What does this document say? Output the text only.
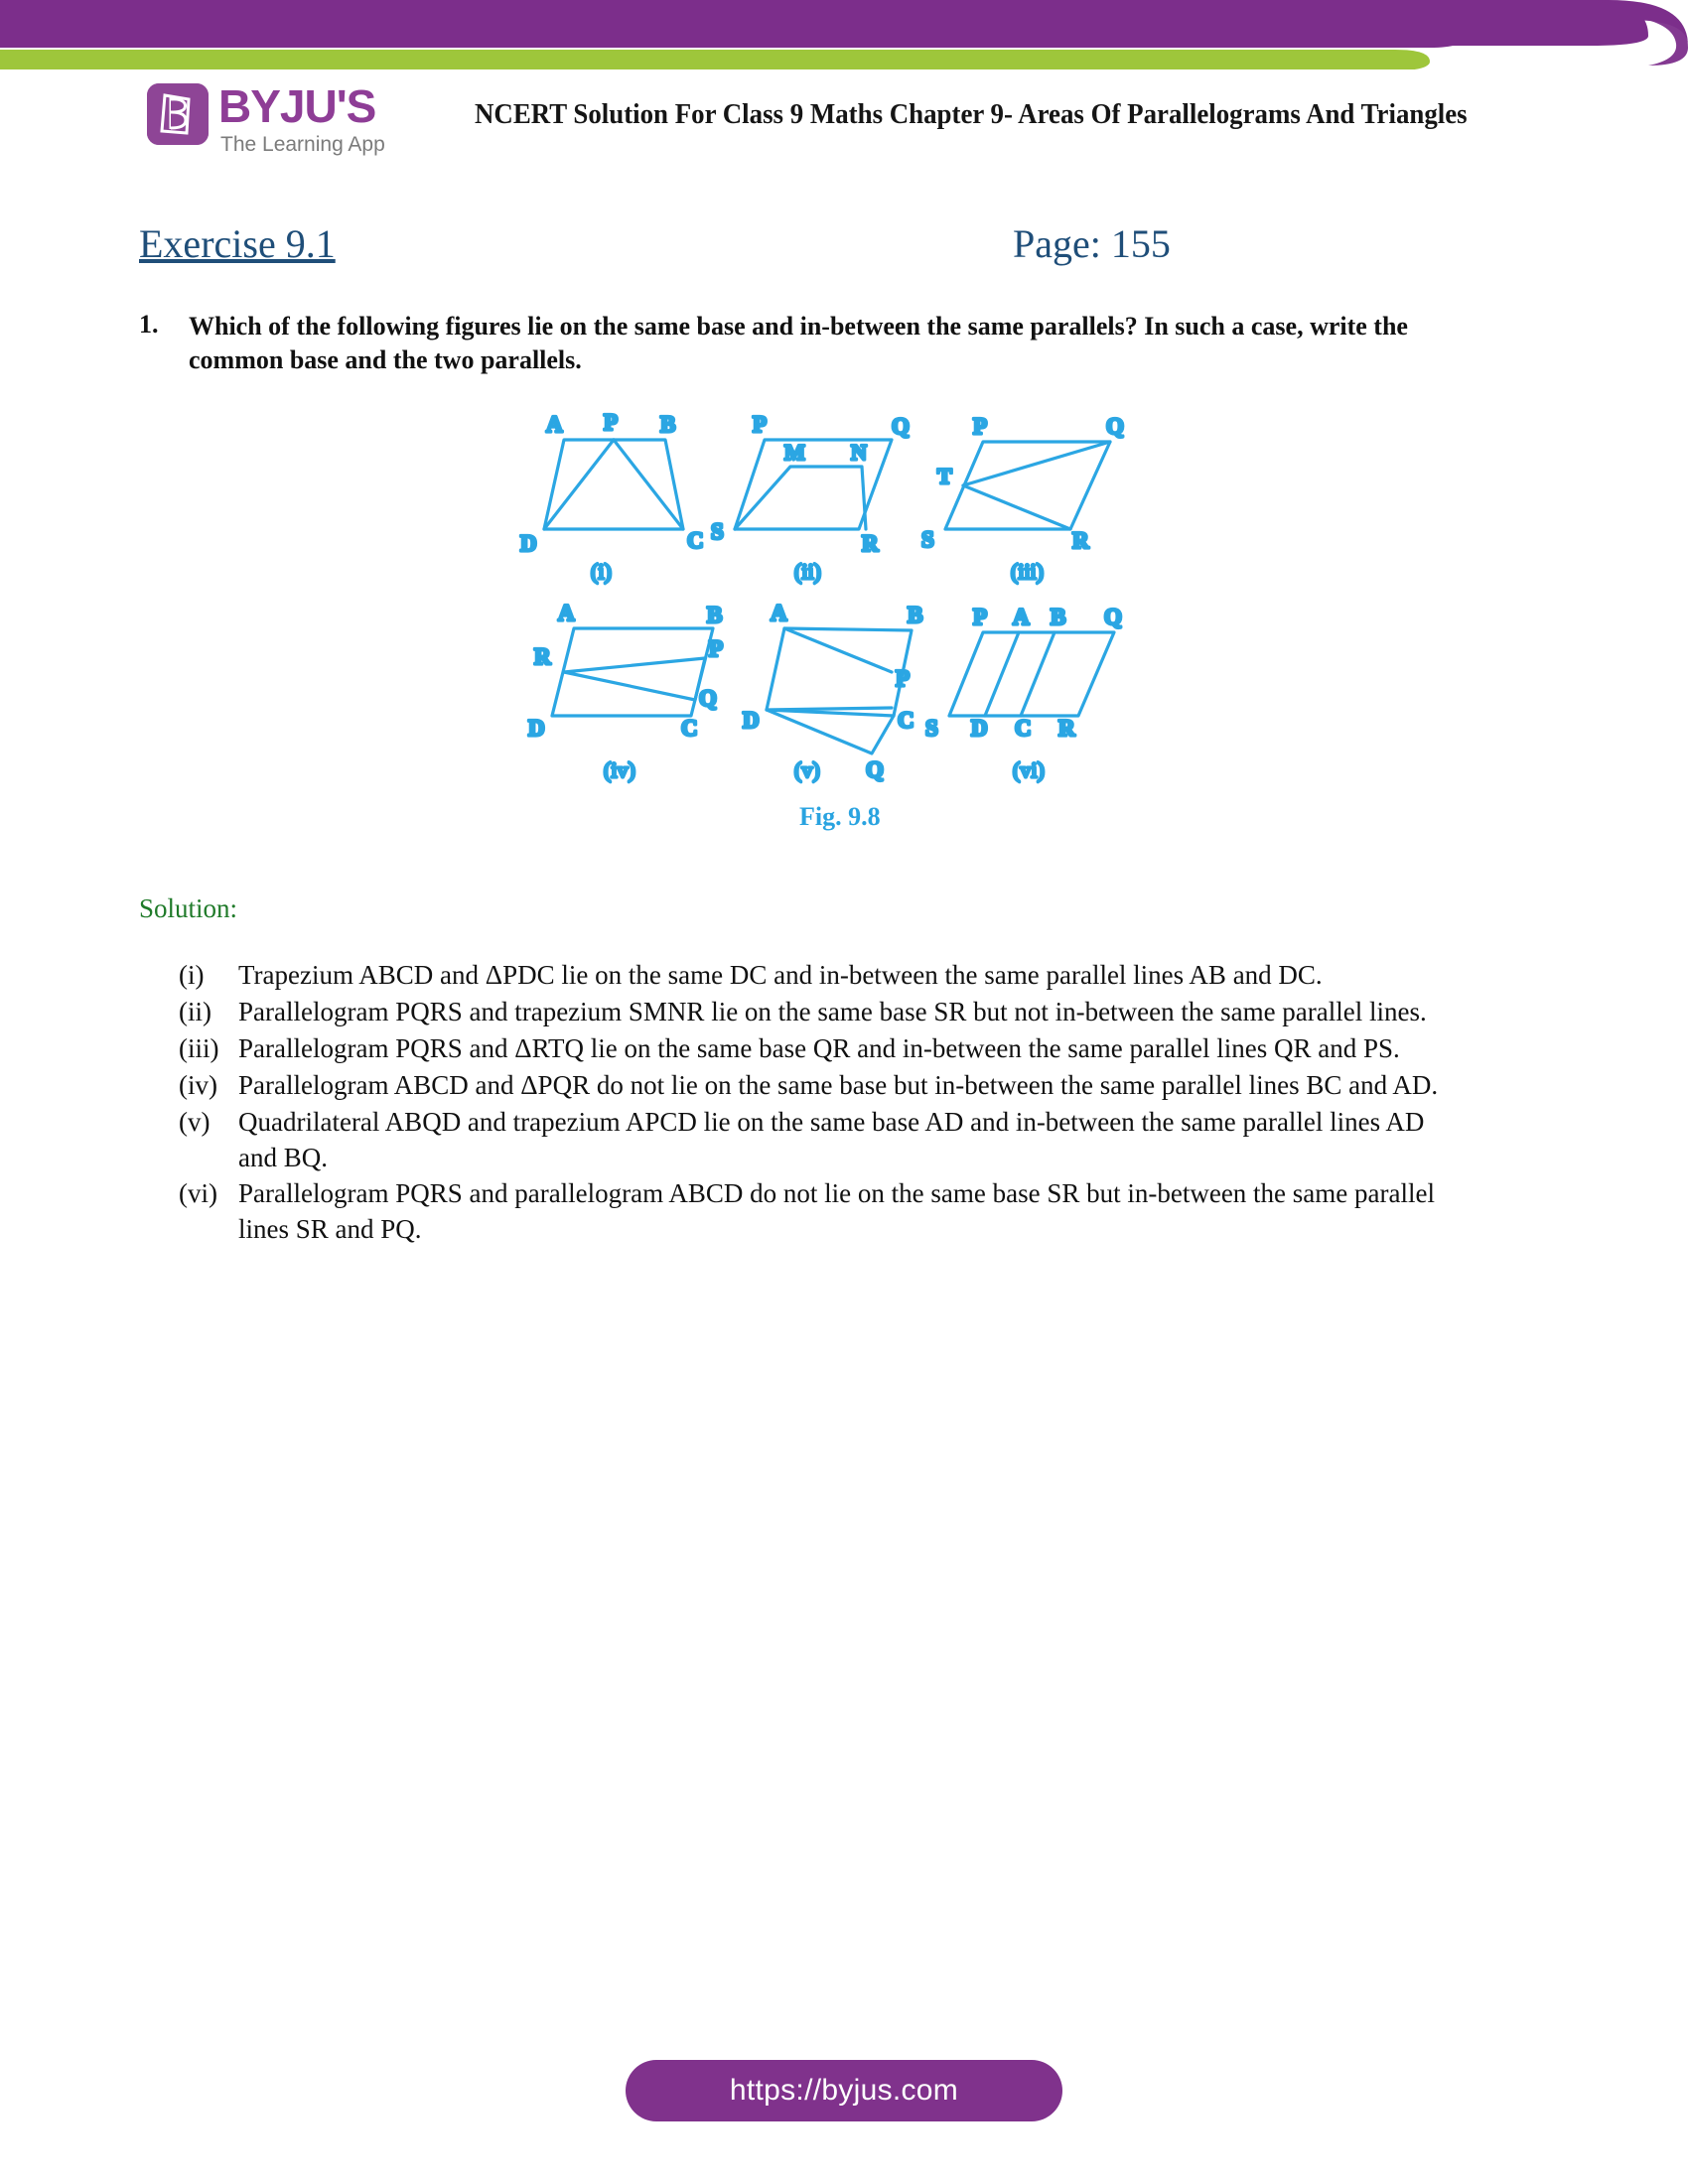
BYJU'S
The Learning App
NCERT Solution For Class 9 Maths Chapter 9- Areas Of Parallelograms And Triangles
Exercise 9.1	Page: 155
1. Which of the following figures lie on the same base and in-between the same parallels? In such a case, write the common base and the two parallels.
A P B
D	C
(i)
P	Q
M N
S	R
(ii)
P	Q
T
S	R
(iii)
A	B
R	P
Q
D	C
(iv)
A	B
P
D	C
Q
(v)
P A B Q
S D C R
(vi)
Fig. 9.8
Solution:
(i)	Trapezium ABCD and ΔPDC lie on the same DC and in-between the same parallel lines AB and DC.
(ii)	Parallelogram PQRS and trapezium SMNR lie on the same base SR but not in-between the same parallel lines.
(iii) Parallelogram PQRS and ΔRTQ lie on the same base QR and in-between the same parallel lines QR and PS.
(iv) Parallelogram ABCD and ΔPQR do not lie on the same base but in-between the same parallel lines BC and AD.
(v)	Quadrilateral ABQD and trapezium APCD lie on the same base AD and in-between the same parallel lines AD and BQ.
(vi) Parallelogram PQRS and parallelogram ABCD do not lie on the same base SR but in-between the same parallel lines SR and PQ.
https://byjus.com
